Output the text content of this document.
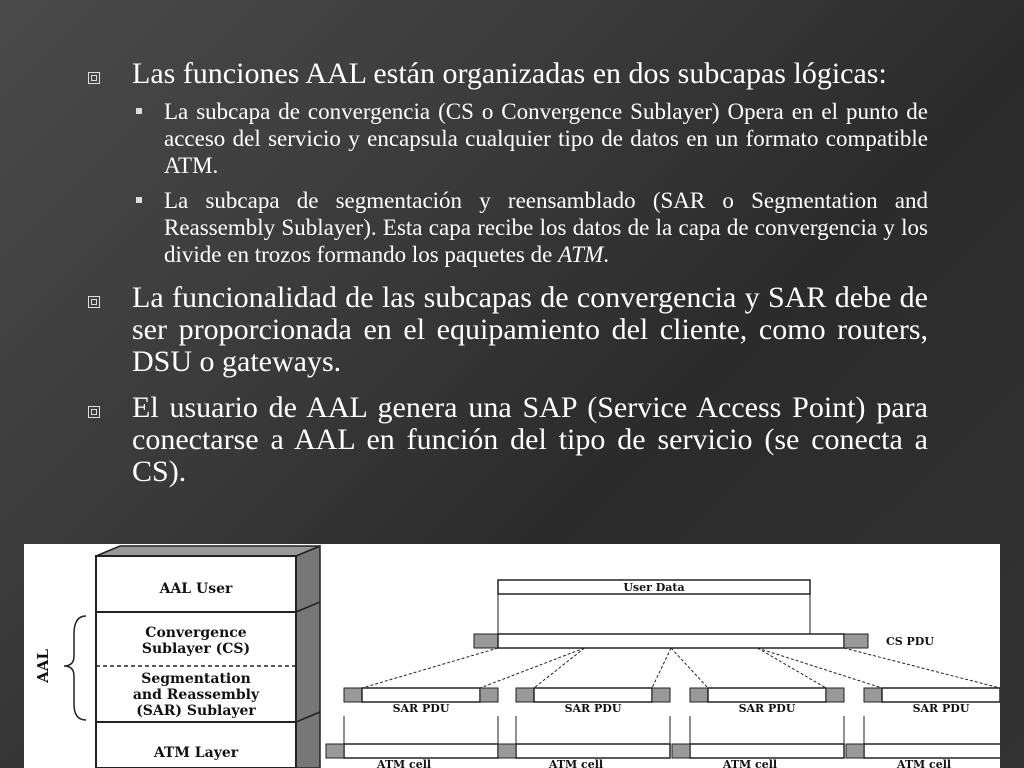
Las funciones AAL están organizadas en dos subcapas lógicas:
La subcapa de convergencia (CS o Convergence Sublayer) Opera en el punto de acceso del servicio y encapsula cualquier tipo de datos en un formato compatible ATM.
La subcapa de segmentación y reensamblado (SAR o Segmentation and Reassembly Sublayer). Esta capa recibe los datos de la capa de convergencia y los divide en trozos formando los paquetes de ATM.
La funcionalidad de las subcapas de convergencia y SAR debe de ser proporcionada en el equipamiento del cliente, como routers, DSU o gateways.
El usuario de AAL genera una SAP (Service Access Point) para conectarse a AAL en función del tipo de servicio (se conecta a CS).
AAL User
Convergence
Sublayer (CS)
Segmentation
and Reassembly
(SAR) Sublayer
ATM Layer
AAL
User Data
CS PDU
SAR PDU
ATM cell
SAR PDU
ATM cell
SAR PDU
ATM cell
SAR PDU
ATM cell
